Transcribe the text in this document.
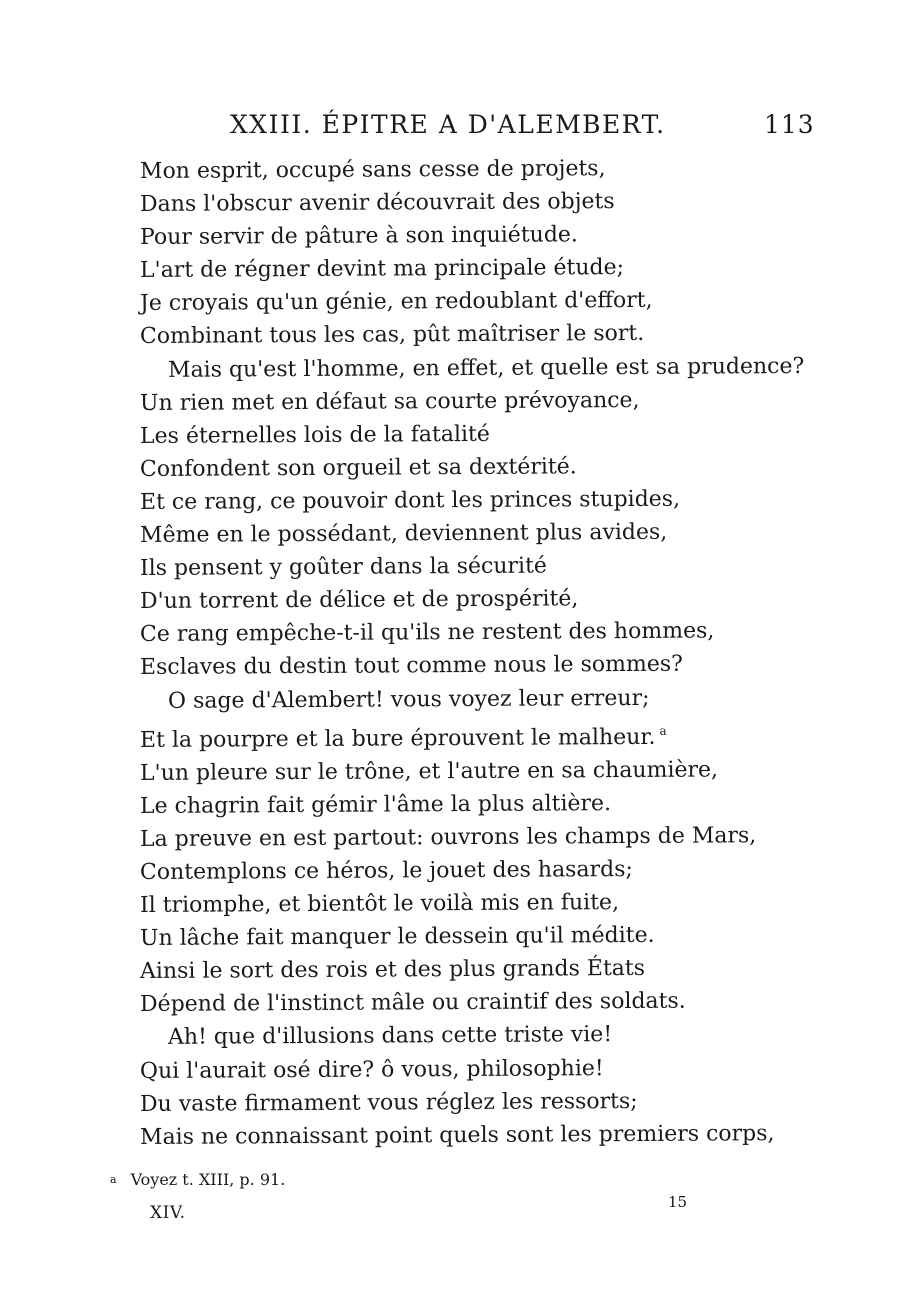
XXIII. ÉPITRE A D'ALEMBERT.	113
Mon esprit, occupé sans cesse de projets,
Dans l'obscur avenir découvrait des objets
Pour servir de pâture à son inquiétude.
L'art de régner devint ma principale étude;
Je croyais qu'un génie, en redoublant d'effort,
Combinant tous les cas, pût maîtriser le sort.
Mais qu'est l'homme, en effet, et quelle est sa prudence?
Un rien met en défaut sa courte prévoyance,
Les éternelles lois de la fatalité
Confondent son orgueil et sa dextérité.
Et ce rang, ce pouvoir dont les princes stupides,
Même en le possédant, deviennent plus avides,
Ils pensent y goûter dans la sécurité
D'un torrent de délice et de prospérité,
Ce rang empêche-t-il qu'ils ne restent des hommes,
Esclaves du destin tout comme nous le sommes?
O sage d'Alembert! vous voyez leur erreur;
Et la pourpre et la bure éprouvent le malheur. $^a$
L'un pleure sur le trône, et l'autre en sa chaumière,
Le chagrin fait gémir l'âme la plus altière.
La preuve en est partout: ouvrons les champs de Mars,
Contemplons ce héros, le jouet des hasards;
Il triomphe, et bientôt le voilà mis en fuite,
Un lâche fait manquer le dessein qu'il médite.
Ainsi le sort des rois et des plus grands États
Dépend de l'instinct mâle ou craintif des soldats.
Ah! que d'illusions dans cette triste vie!
Qui l'aurait osé dire? ô vous, philosophie!
Du vaste firmament vous réglez les ressorts;
Mais ne connaissant point quels sont les premiers corps,
a Voyez t. XIII, p. 91.
XIV.
15
